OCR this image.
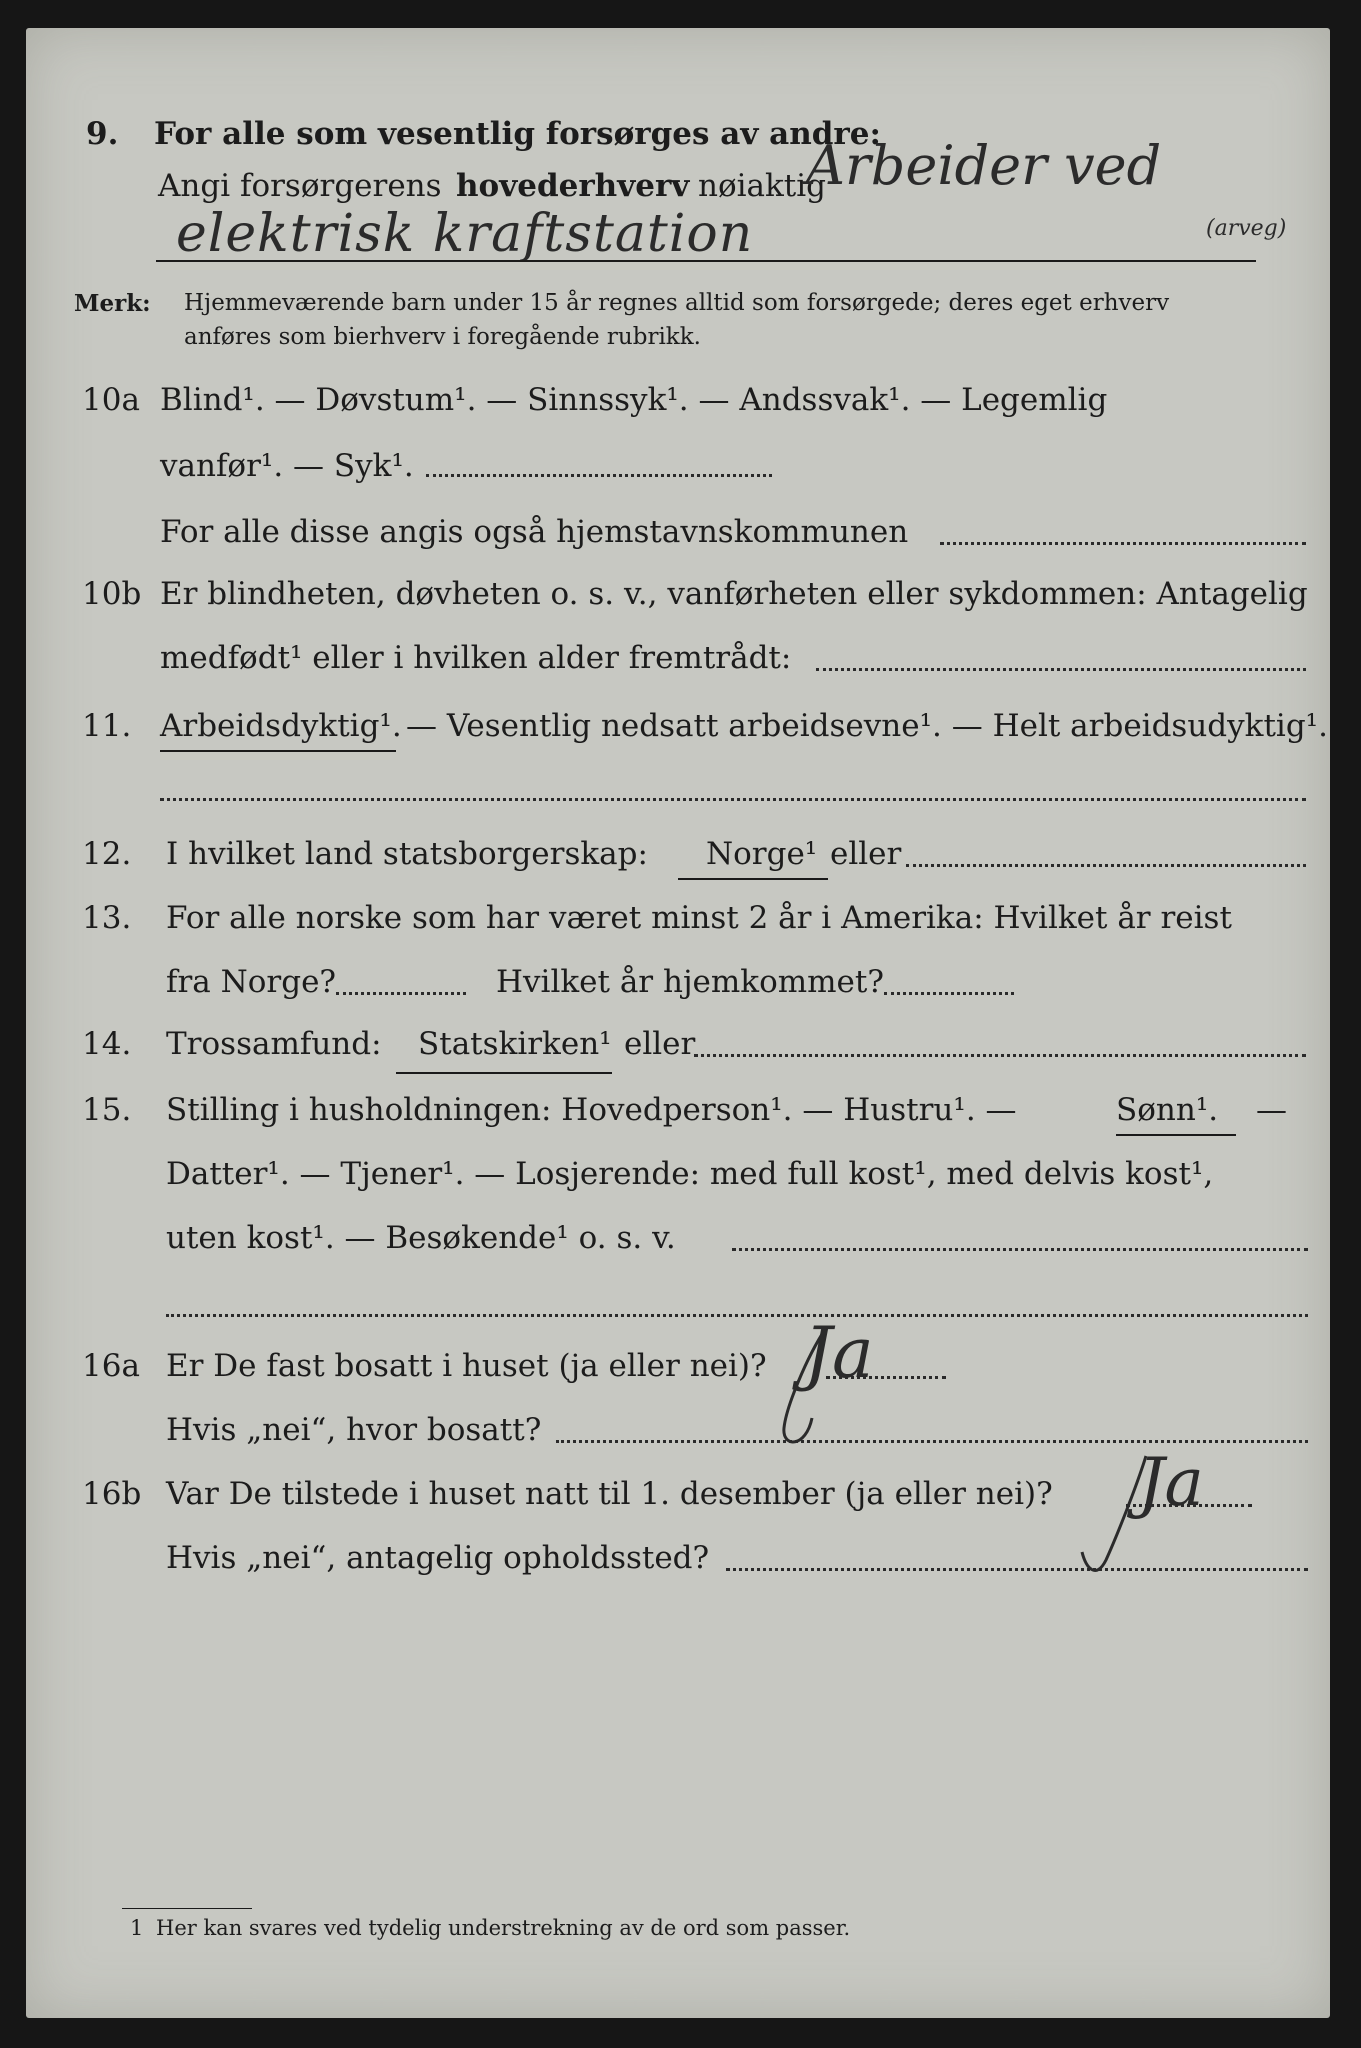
9. For alle som vesentlig forsørges av andre:
Angi forsørgerens hovederhverv nøiaktig
Arbeider ved
elektrisk kraftstation	(arveg)
Merk: Hjemmeværende barn under 15 år regnes alltid som forsørgede; deres eget erhverv
anføres som bierhverv i foregående rubrikk.
10a Blind¹. — Døvstum¹. — Sinnssyk¹. — Andssvak¹. — Legemlig
vanfør¹. — Syk¹.
For alle disse angis også hjemstavnskommunen
10b Er blindheten, døvheten o. s. v., vanførheten eller sykdommen: Antagelig
medfødt¹ eller i hvilken alder fremtrådt:
11. Arbeidsdyktig¹. — Vesentlig nedsatt arbeidsevne¹. — Helt arbeidsudyktig¹.
12. I hvilket land statsborgerskap: Norge¹ eller
13. For alle norske som har været minst 2 år i Amerika: Hvilket år reist
fra Norge?	Hvilket år hjemkommet?
14. Trossamfund: Statskirken¹ eller
15. Stilling i husholdningen: Hovedperson¹. — Hustru¹. —	Sønn¹. —
Datter¹. — Tjener¹. — Losjerende: med full kost¹, med delvis kost¹,
uten kost¹. — Besøkende¹ o. s. v.
16a Er De fast bosatt i huset (ja eller nei)? Ja
Hvis „nei“, hvor bosatt?
16b Var De tilstede i huset natt til 1. desember (ja eller nei)? Ja
Hvis „nei“, antagelig opholdssted?
1 Her kan svares ved tydelig understrekning av de ord som passer.
